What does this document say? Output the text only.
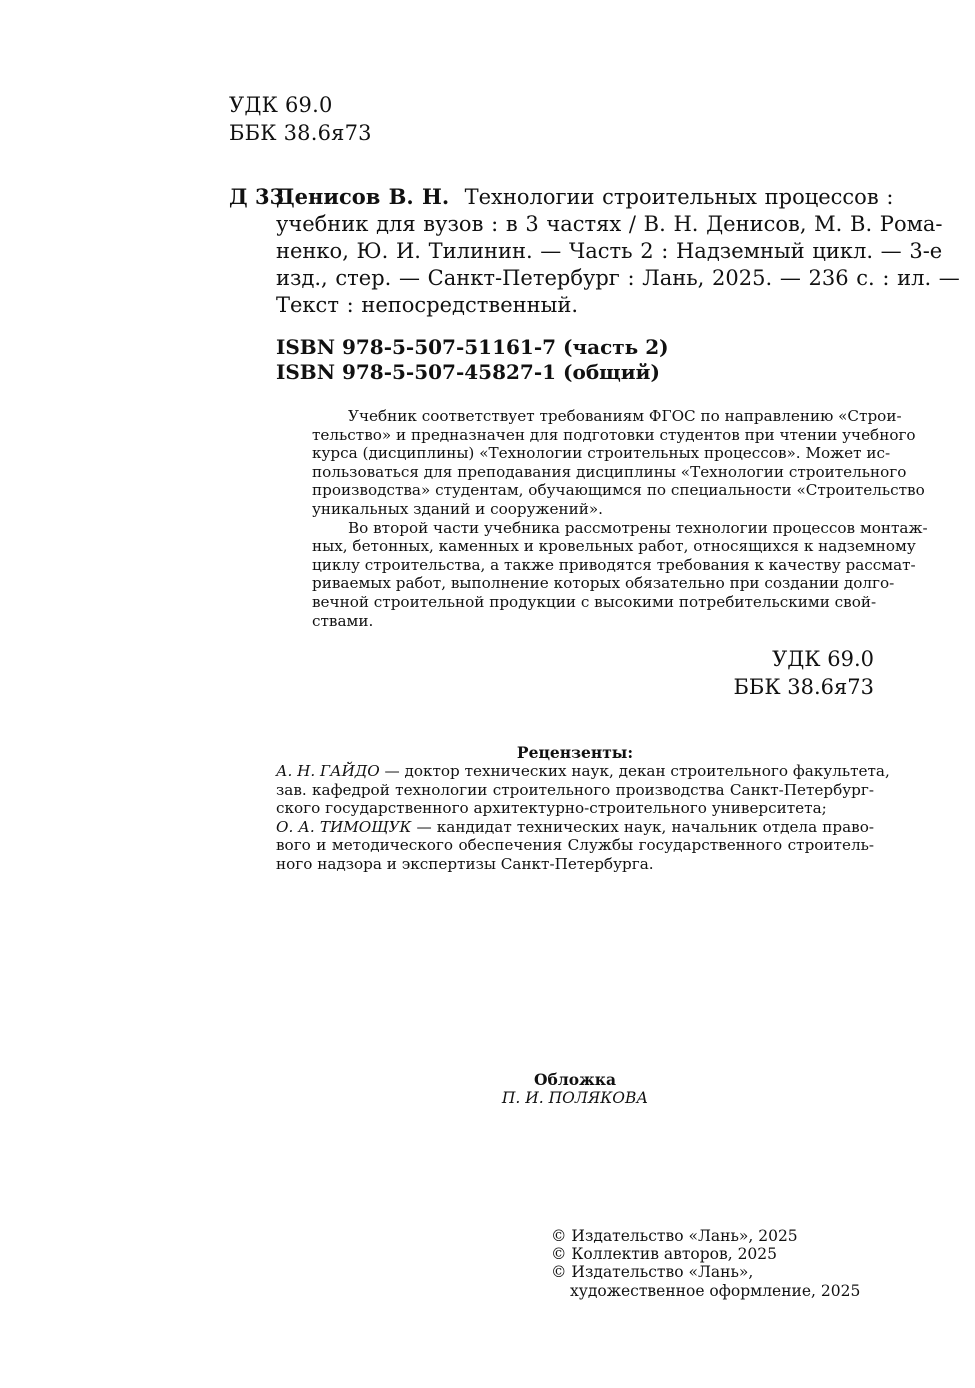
УДК 69.0
ББК 38.6я73
Д 33
Денисов В. Н. Технологии строительных процессов :
учебник для вузов : в 3 частях / В. Н. Денисов, М. В. Рома-
ненко, Ю. И. Тилинин. — Часть 2 : Надземный цикл. — 3-е
изд., стер. — Санкт-Петербург : Лань, 2025. — 236 с. : ил. —
Текст : непосредственный.
ISBN 978-5-507-51161-7 (часть 2)
ISBN 978-5-507-45827-1 (общий)

Учебник соответствует требованиям ФГОС по направлению «Строи-
тельство» и предназначен для подготовки студентов при чтении учебного
курса (дисциплины) «Технологии строительных процессов». Может ис-
пользоваться для преподавания дисциплины «Технологии строительного
производства» студентам, обучающимся по специальности «Строительство
уникальных зданий и сооружений».

Во второй части учебника рассмотрены технологии процессов монтаж-
ных, бетонных, каменных и кровельных работ, относящихся к надземному
циклу строительства, а также приводятся требования к качеству рассмат-
риваемых работ, выполнение которых обязательно при создании долго-
вечной строительной продукции с высокими потребительскими свой-
ствами.

УДК 69.0
ББК 38.6я73
Рецензенты:

А. Н. ГАЙДО — доктор технических наук, декан строительного факультета,
зав. кафедрой технологии строительного производства Санкт-Петербург-
ского государственного архитектурно-строительного университета;

О. А. ТИМОЩУК — кандидат технических наук, начальник отдела право-
вого и методического обеспечения Службы государственного строитель-
ного надзора и экспертизы Санкт-Петербурга.

Обложка
П. И. ПОЛЯКОВА
© Издательство «Лань», 2025
© Коллектив авторов, 2025
© Издательство «Лань»,
художественное оформление, 2025
